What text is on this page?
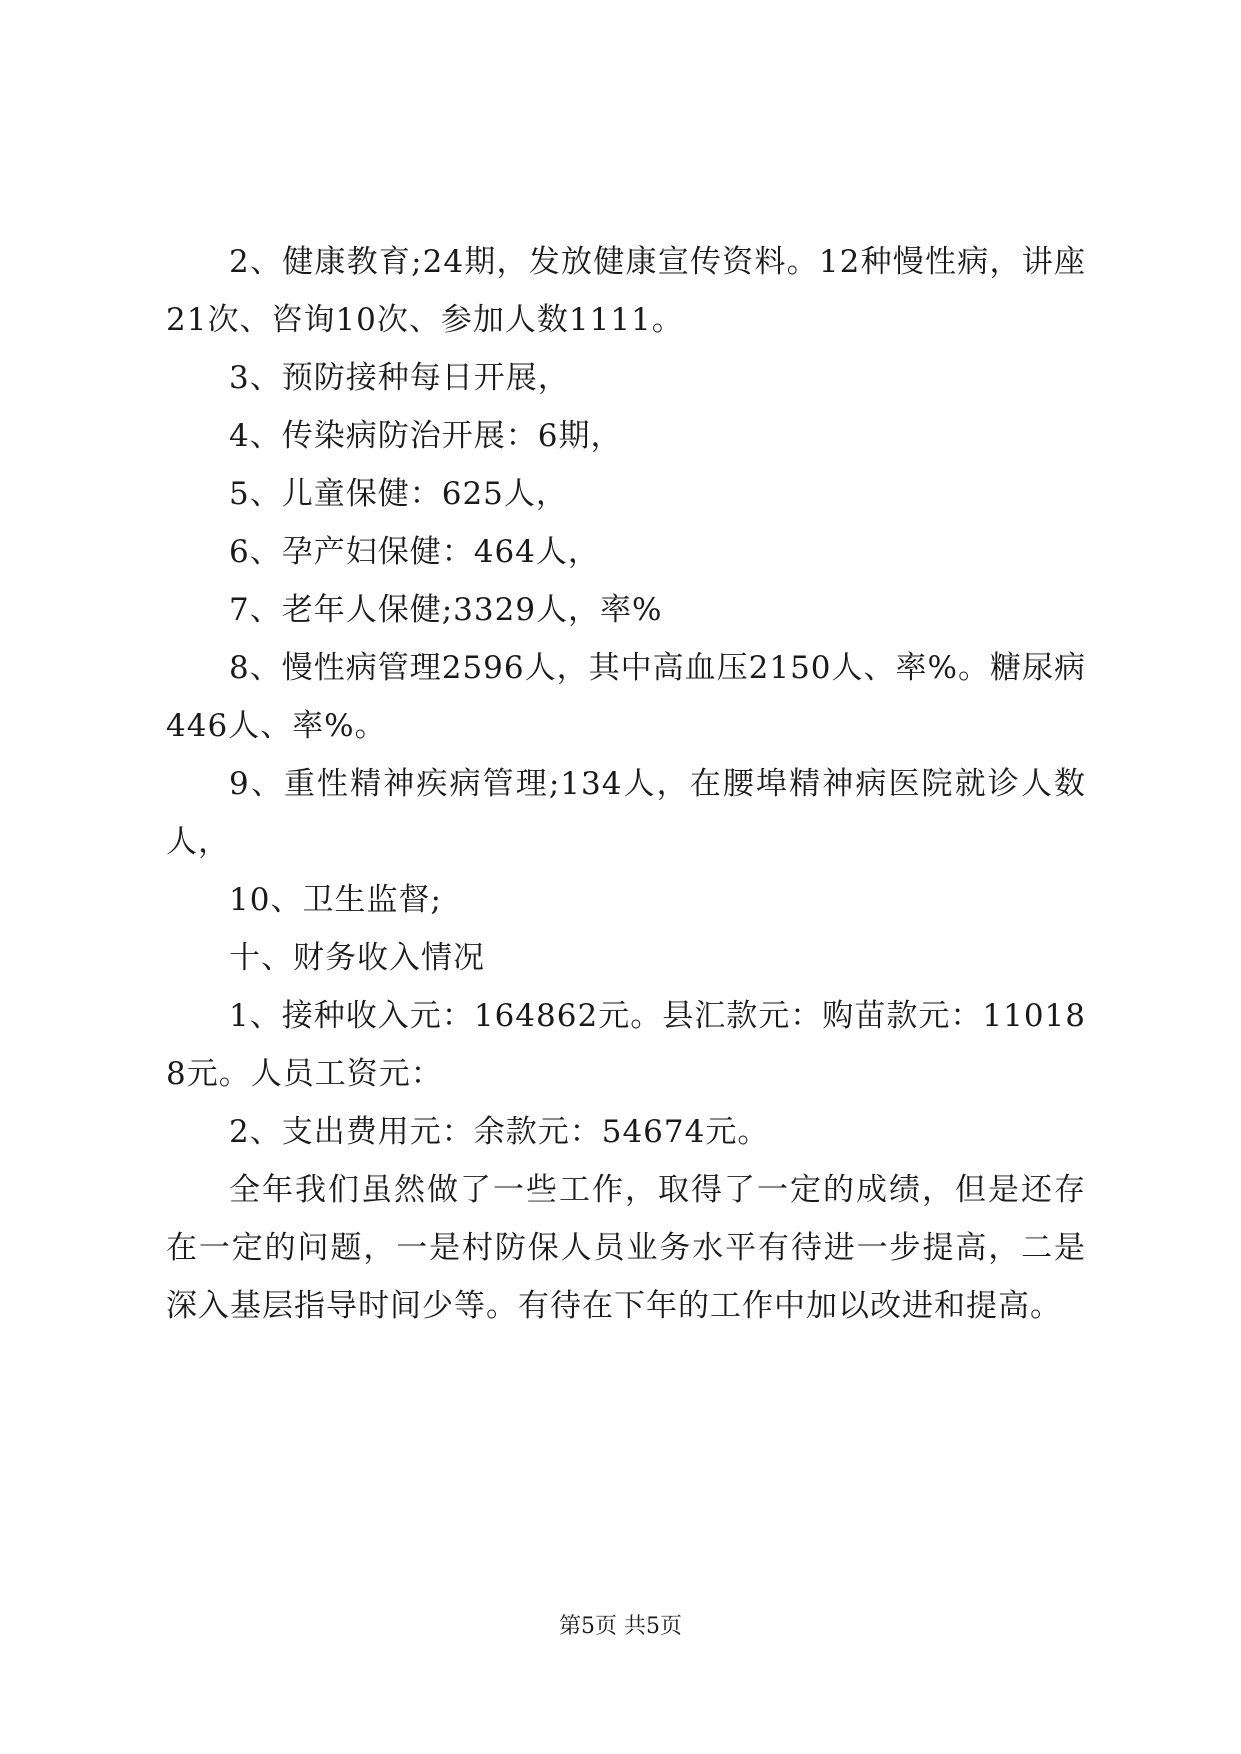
2、健康教育;24期，发放健康宣传资料。12种慢性病，讲座21次、咨询10次、参加人数1111。

3、预防接种每日开展，

4、传染病防治开展：6期，

5、儿童保健：625人，

6、孕产妇保健：464人，

7、老年人保健;3329人，率%

8、慢性病管理2596人，其中高血压2150人、率%。糖尿病446人、率%。

9、重性精神疾病管理;134人，在腰埠精神病医院就诊人数人，

10、卫生监督;

十、财务收入情况

1、接种收入元：164862元。县汇款元：购苗款元：110188元。人员工资元：

2、支出费用元：余款元：54674元。

全年我们虽然做了一些工作，取得了一定的成绩，但是还存在一定的问题，一是村防保人员业务水平有待进一步提高，二是深入基层指导时间少等。有待在下年的工作中加以改进和提高。

第5页 共5页
